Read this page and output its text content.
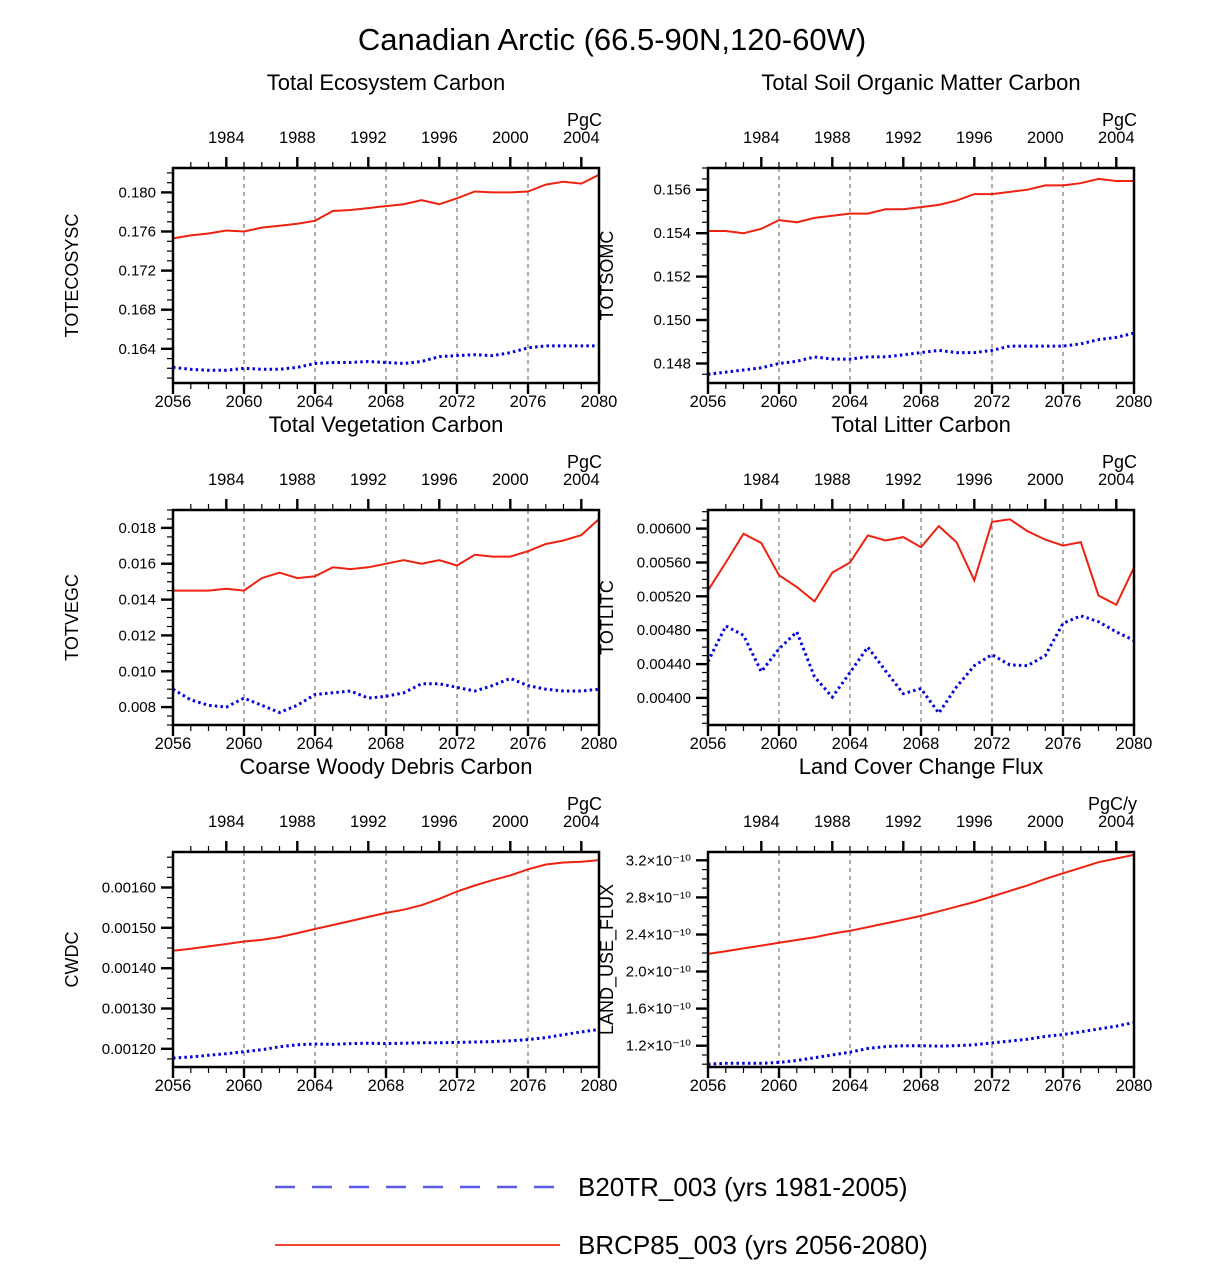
Canadian Arctic (66.5-90N,120-60W)
1984 1988 1992 1996 2000 2004
2056 2060 2064 2068 2072 2076 2080
0.164
0.168
0.172
0.176
0.180
Total Ecosystem Carbon
PgC
TOTECOSYSC
1984 1988 1992 1996 2000 2004
2056 2060 2064 2068 2072 2076 2080
0.148
0.150
0.152
0.154
0.156
Total Soil Organic Matter Carbon
PgC
TOTSOMC
1984 1988 1992 1996 2000 2004
2056 2060 2064 2068 2072 2076 2080
0.008
0.010
0.012
0.014
0.016
0.018
Total Vegetation Carbon
PgC
TOTVEGC
1984 1988 1992 1996 2000 2004
2056 2060 2064 2068 2072 2076 2080
0.00400
0.00440
0.00480
0.00520
0.00560
0.00600
Total Litter Carbon
PgC
TOTLITC
1984 1988 1992 1996 2000 2004
2056 2060 2064 2068 2072 2076 2080
0.00120
0.00130
0.00140
0.00150
0.00160
Coarse Woody Debris Carbon
PgC
CWDC
1984 1988 1992 1996 2000 2004
2056 2060 2064 2068 2072 2076 2080
1.2×10⁻¹⁰
1.6×10⁻¹⁰
2.0×10⁻¹⁰
2.4×10⁻¹⁰
2.8×10⁻¹⁰
3.2×10⁻¹⁰
Land Cover Change Flux
PgC/y
LAND_USE_FLUX
B20TR_003 (yrs 1981-2005)
BRCP85_003 (yrs 2056-2080)
